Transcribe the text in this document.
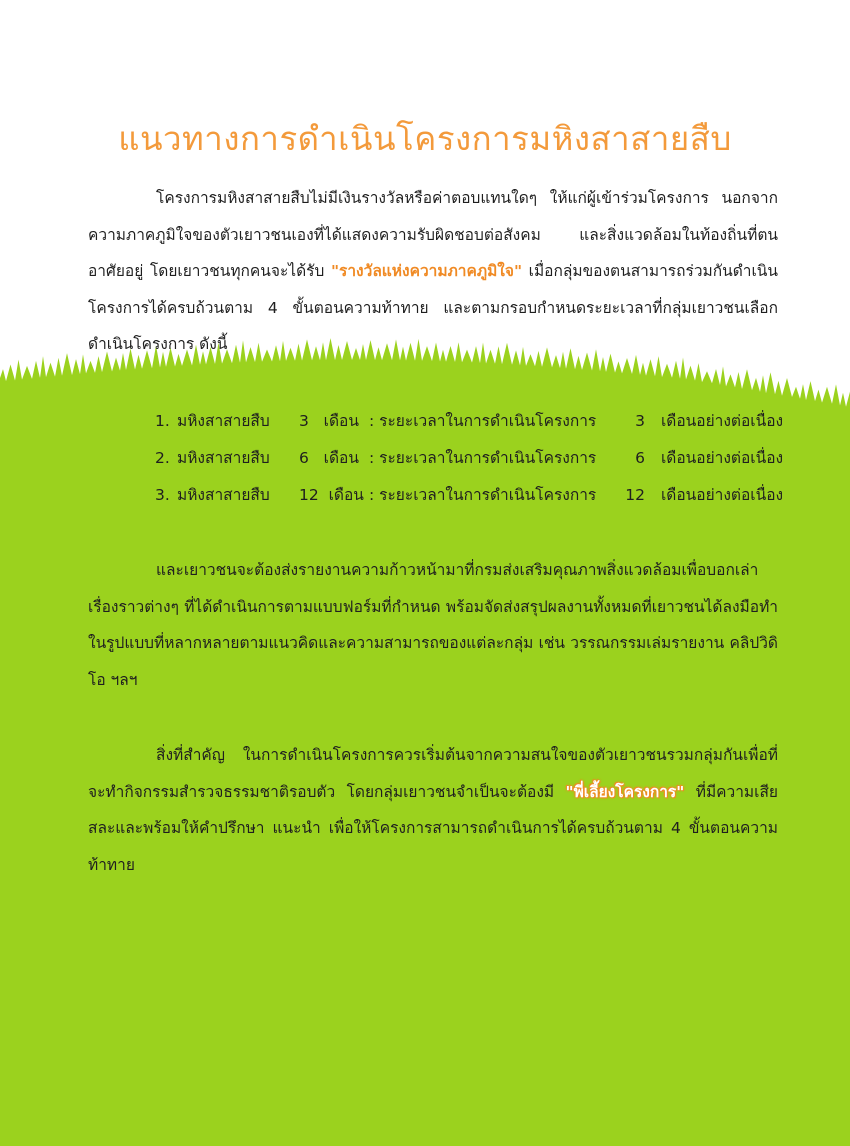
แนวทางการดำเนินโครงการมหิงสาสายสืบ
โครงการมหิงสาสายสืบไม่มีเงินรางวัลหรือค่าตอบแทนใดๆ ให้แก่ผู้เข้าร่วมโครงการ นอกจากความภาคภูมิใจของตัวเยาวชนเองที่ได้แสดงความรับผิดชอบต่อสังคม และสิ่งแวดล้อมในท้องถิ่นที่ตนอาศัยอยู่ โดยเยาวชนทุกคนจะได้รับ "รางวัลแห่งความภาคภูมิใจ" เมื่อกลุ่มของตนสามารถร่วมกันดำเนินโครงการได้ครบถ้วนตาม 4 ขั้นตอนความท้าทาย และตามกรอบกำหนดระยะเวลาที่กลุ่มเยาวชนเลือกดำเนินโครงการ ดังนี้
1. มหิงสาสายสืบ	3 เดือน : ระยะเวลาในการดำเนินโครงการ	3 เดือนอย่างต่อเนื่อง
2. มหิงสาสายสืบ	6 เดือน : ระยะเวลาในการดำเนินโครงการ	6 เดือนอย่างต่อเนื่อง
3. มหิงสาสายสืบ	12 เดือน : ระยะเวลาในการดำเนินโครงการ	12 เดือนอย่างต่อเนื่อง
และเยาวชนจะต้องส่งรายงานความก้าวหน้ามาที่กรมส่งเสริมคุณภาพสิ่งแวดล้อมเพื่อบอกเล่าเรื่องราวต่างๆ ที่ได้ดำเนินการตามแบบฟอร์มที่กำหนด พร้อมจัดส่งสรุปผลงานทั้งหมดที่เยาวชนได้ลงมือทำในรูปแบบที่หลากหลายตามแนวคิดและความสามารถของแต่ละกลุ่ม เช่น วรรณกรรมเล่มรายงาน คลิปวิดิโอ ฯลฯ
สิ่งที่สำคัญ ในการดำเนินโครงการควรเริ่มต้นจากความสนใจของตัวเยาวชนรวมกลุ่มกันเพื่อที่จะทำกิจกรรมสำรวจธรรมชาติรอบตัว โดยกลุ่มเยาวชนจำเป็นจะต้องมี "พี่เลี้ยงโครงการ" ที่มีความเสียสละและพร้อมให้คำปรึกษา แนะนำ เพื่อให้โครงการสามารถดำเนินการได้ครบถ้วนตาม 4 ขั้นตอนความท้าทาย
